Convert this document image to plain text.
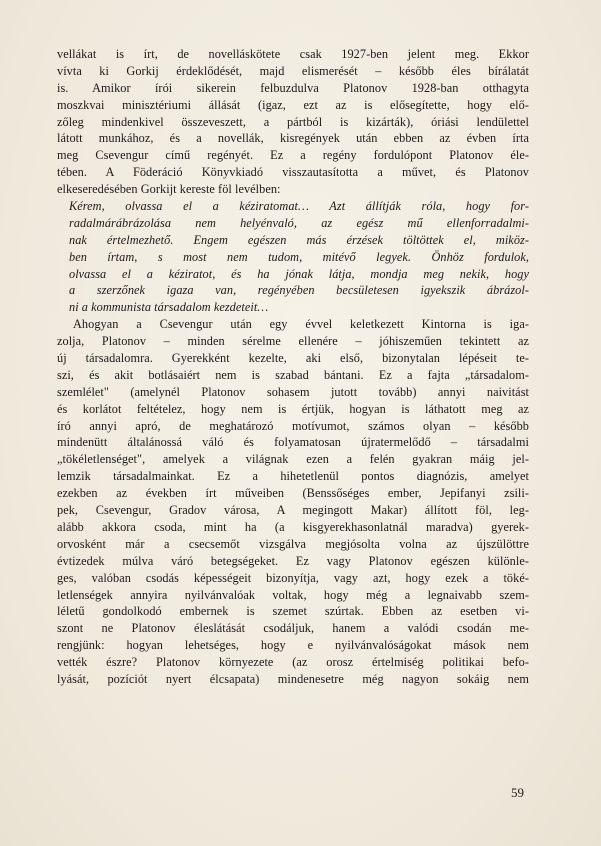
vellákat is írt, de novelláskötete csak 1927-ben jelent meg. Ekkor
vívta ki Gorkij érdeklődését, majd elismerését – később éles bírálatát
is. Amikor írói sikerein felbuzdulva Platonov 1928-ban otthagyta
moszkvai minisztériumi állását (igaz, ezt az is elősegítette, hogy elő-
zőleg mindenkivel összeveszett, a pártból is kizárták), óriási lendülettel
látott munkához, és a novellák, kisregények után ebben az évben írta
meg Csevengur című regényét. Ez a regény fordulópont Platonov éle-
tében. A Föderáció Könyvkiadó visszautasította a művet, és Platonov
elkeseredésében Gorkijt kereste föl levélben:
Kérem, olvassa el a kéziratomat… Azt állítják róla, hogy for-
radalmárábrázolása nem helyénvaló, az egész mű ellenforradalmi-
nak értelmezhető. Engem egészen más érzések töltöttek el, miköz-
ben írtam, s most nem tudom, mitévő legyek. Önhöz fordulok,
olvassa el a kéziratot, és ha jónak látja, mondja meg nekik, hogy
a szerzőnek igaza van, regényében becsületesen igyekszik ábrázol-
ni a kommunista társadalom kezdeteit…
Ahogyan a Csevengur után egy évvel keletkezett Kintorna is iga-
zolja, Platonov – minden sérelme ellenére – jóhiszeműen tekintett az
új társadalomra. Gyerekként kezelte, aki első, bizonytalan lépéseit te-
szi, és akit botlásaiért nem is szabad bántani. Ez a fajta „társadalom-
szemlélet" (amelynél Platonov sohasem jutott tovább) annyi naivitást
és korlátot feltételez, hogy nem is értjük, hogyan is láthatott meg az
író annyi apró, de meghatározó motívumot, számos olyan – később
mindenütt általánossá váló és folyamatosan újratermelődő – társadalmi
„tökéletlenséget", amelyek a világnak ezen a felén gyakran máig jel-
lemzik társadalmainkat. Ez a hihetetlenül pontos diagnózis, amelyet
ezekben az években írt műveiben (Benssőséges ember, Jepifanyi zsili-
pek, Csevengur, Gradov városa, A megingott Makar) állított föl, leg-
alább akkora csoda, mint ha (a kisgyerekhasonlatnál maradva) gyerek-
orvosként már a csecsemőt vizsgálva megjósolta volna az újszülöttre
évtizedek múlva váró betegségeket. Ez vagy Platonov egészen különle-
ges, valóban csodás képességeit bizonyítja, vagy azt, hogy ezek a töké-
letlenségek annyira nyilvánvalóak voltak, hogy még a legnaivabb szem-
léletű gondolkodó embernek is szemet szúrtak. Ebben az esetben vi-
szont ne Platonov éleslátását csodáljuk, hanem a valódi csodán me-
rengjünk: hogyan lehetséges, hogy e nyilvánvalóságokat mások nem
vették észre? Platonov környezete (az orosz értelmiség politikai befo-
lyását, pozíciót nyert élcsapata) mindenesetre még nagyon sokáig nem
59
